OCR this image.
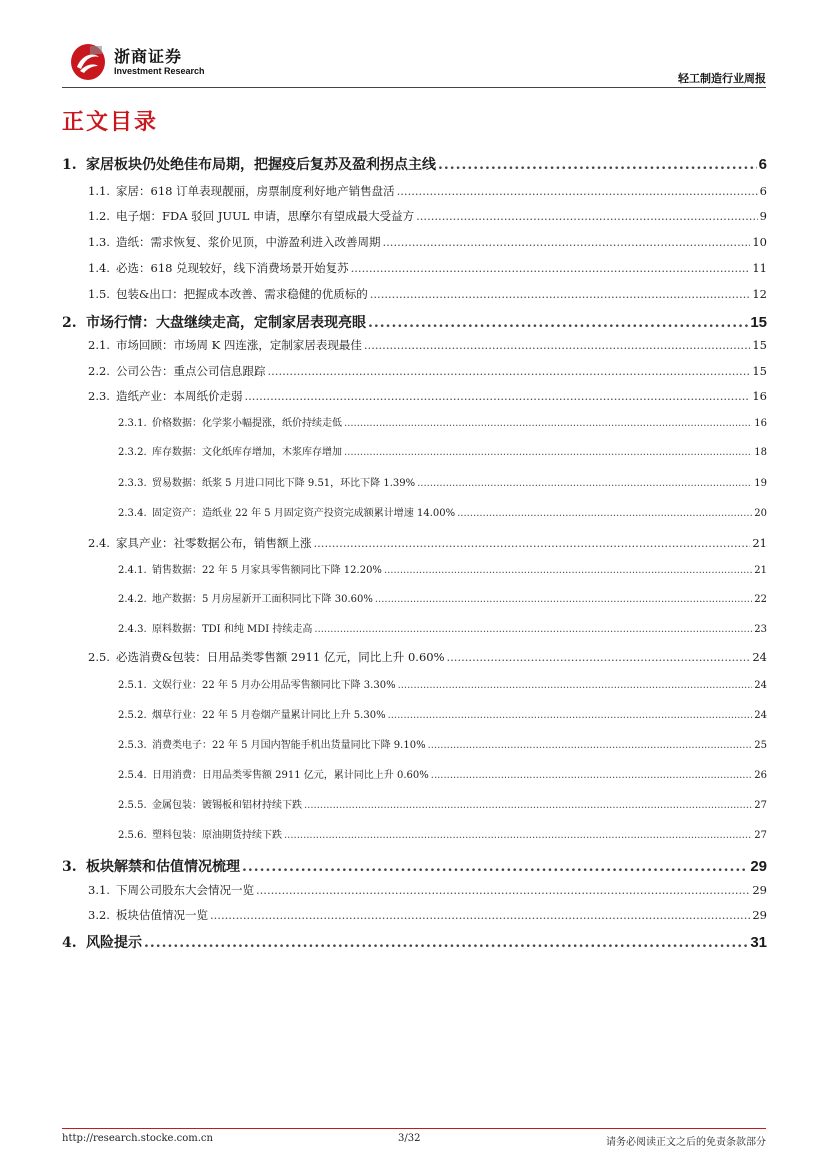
浙商证券
Investment Research
轻工制造行业周报
正文目录
1. 家居板块仍处绝佳布局期，把握疫后复苏及盈利拐点主线 .....	6
1.1. 家居：618 订单表现靓丽，房票制度利好地产销售盘活 .....	6
1.2. 电子烟：FDA 驳回 JUUL 申请，思摩尔有望成最大受益方 .....	9
1.3. 造纸：需求恢复、浆价见顶，中游盈利进入改善周期 .....	10
1.4. 必选：618 兑现较好，线下消费场景开始复苏 .....	11
1.5. 包装&出口：把握成本改善、需求稳健的优质标的 .....	12
2. 市场行情：大盘继续走高，定制家居表现亮眼 .....	15
2.1. 市场回顾：市场周 K 四连涨，定制家居表现最佳 .....	15
2.2. 公司公告：重点公司信息跟踪 .....	15
2.3. 造纸产业：本周纸价走弱 .....	16
2.3.1. 价格数据：化学浆小幅提涨，纸价持续走低 .....	16
2.3.2. 库存数据：文化纸库存增加，木浆库存增加 .....	18
2.3.3. 贸易数据：纸浆 5 月进口同比下降 9.51，环比下降 1.39% .....	19
2.3.4. 固定资产：造纸业 22 年 5 月固定资产投资完成额累计增速 14.00% .....	20
2.4. 家具产业：社零数据公布，销售额上涨 .....	21
2.4.1. 销售数据：22 年 5 月家具零售额同比下降 12.20% .....	21
2.4.2. 地产数据：5 月房屋新开工面积同比下降 30.60% .....	22
2.4.3. 原料数据：TDI 和纯 MDI 持续走高 .....	23
2.5. 必选消费&包装：日用品类零售额 2911 亿元，同比上升 0.60% .....	24
2.5.1. 文娱行业：22 年 5 月办公用品零售额同比下降 3.30% .....	24
2.5.2. 烟草行业：22 年 5 月卷烟产量累计同比上升 5.30% .....	24
2.5.3. 消费类电子：22 年 5 月国内智能手机出货量同比下降 9.10% .....	25
2.5.4. 日用消费：日用品类零售额 2911 亿元，累计同比上升 0.60% .....	26
2.5.5. 金属包装：镀锡板和铝材持续下跌 .....	27
2.5.6. 塑料包装：原油期货持续下跌 .....	27
3. 板块解禁和估值情况梳理 .....	29
3.1. 下周公司股东大会情况一览 .....	29
3.2. 板块估值情况一览 .....	29
4. 风险提示 .....	31
http://research.stocke.com.cn	3/32	请务必阅读正文之后的免责条款部分
